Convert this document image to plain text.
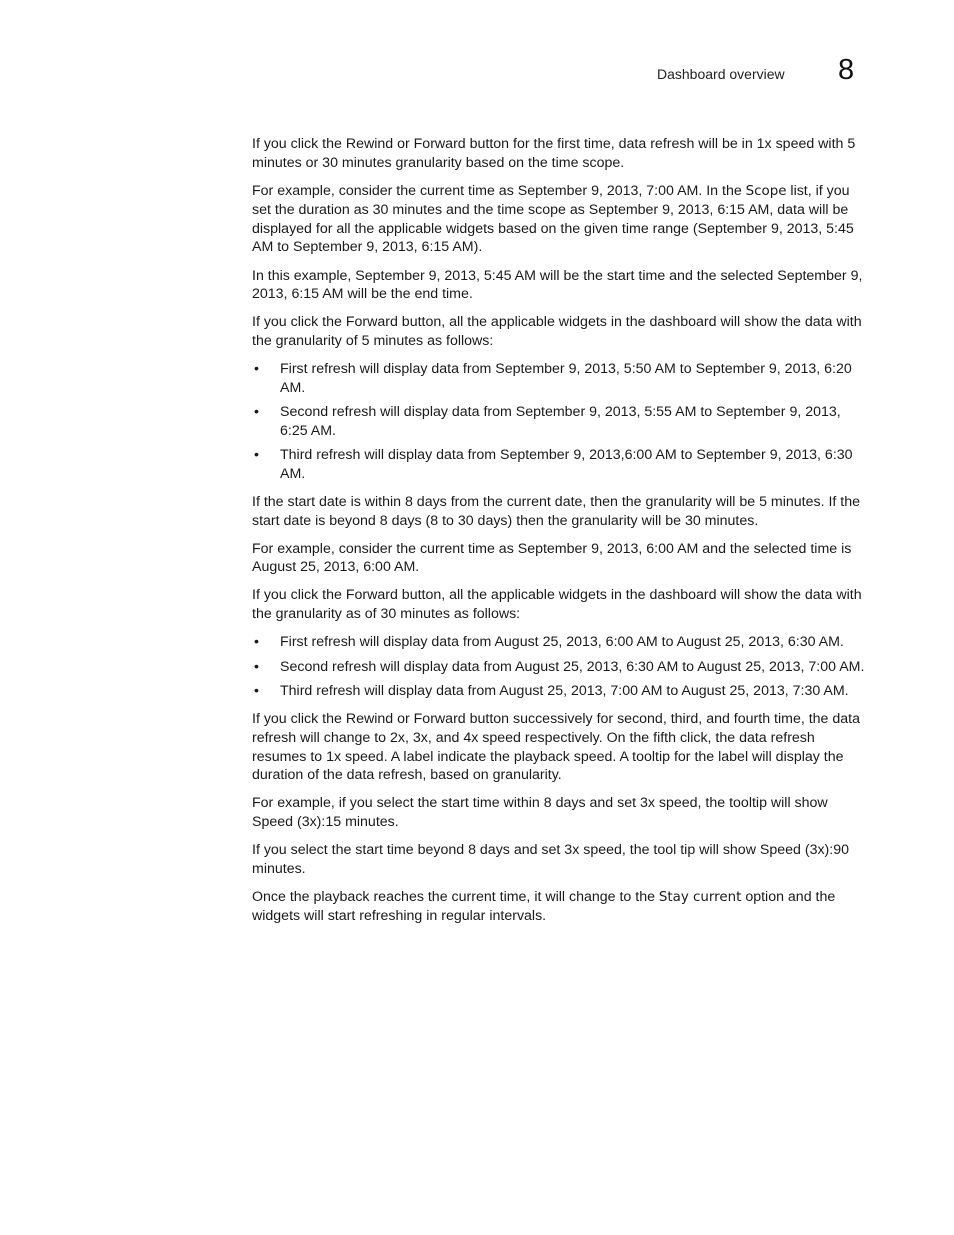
Dashboard overview 8

If you click the Rewind or Forward button for the first time, data refresh will be in 1x speed with 5 minutes or 30 minutes granularity based on the time scope.

For example, consider the current time as September 9, 2013, 7:00 AM. In the Scope list, if you set the duration as 30 minutes and the time scope as September 9, 2013, 6:15 AM, data will be displayed for all the applicable widgets based on the given time range (September 9, 2013, 5:45 AM to September 9, 2013, 6:15 AM).

In this example, September 9, 2013, 5:45 AM will be the start time and the selected September 9, 2013, 6:15 AM will be the end time.

If you click the Forward button, all the applicable widgets in the dashboard will show the data with the granularity of 5 minutes as follows:

• First refresh will display data from September 9, 2013, 5:50 AM to September 9, 2013, 6:20 AM.
• Second refresh will display data from September 9, 2013, 5:55 AM to September 9, 2013, 6:25 AM.
• Third refresh will display data from September 9, 2013,6:00 AM to September 9, 2013, 6:30 AM.

If the start date is within 8 days from the current date, then the granularity will be 5 minutes. If the start date is beyond 8 days (8 to 30 days) then the granularity will be 30 minutes.

For example, consider the current time as September 9, 2013, 6:00 AM and the selected time is August 25, 2013, 6:00 AM.

If you click the Forward button, all the applicable widgets in the dashboard will show the data with the granularity as of 30 minutes as follows:

• First refresh will display data from August 25, 2013, 6:00 AM to August 25, 2013, 6:30 AM.
• Second refresh will display data from August 25, 2013, 6:30 AM to August 25, 2013, 7:00 AM.
• Third refresh will display data from August 25, 2013, 7:00 AM to August 25, 2013, 7:30 AM.

If you click the Rewind or Forward button successively for second, third, and fourth time, the data refresh will change to 2x, 3x, and 4x speed respectively. On the fifth click, the data refresh resumes to 1x speed. A label indicate the playback speed. A tooltip for the label will display the duration of the data refresh, based on granularity.

For example, if you select the start time within 8 days and set 3x speed, the tooltip will show Speed (3x):15 minutes.

If you select the start time beyond 8 days and set 3x speed, the tool tip will show Speed (3x):90 minutes.

Once the playback reaches the current time, it will change to the Stay current option and the widgets will start refreshing in regular intervals.
